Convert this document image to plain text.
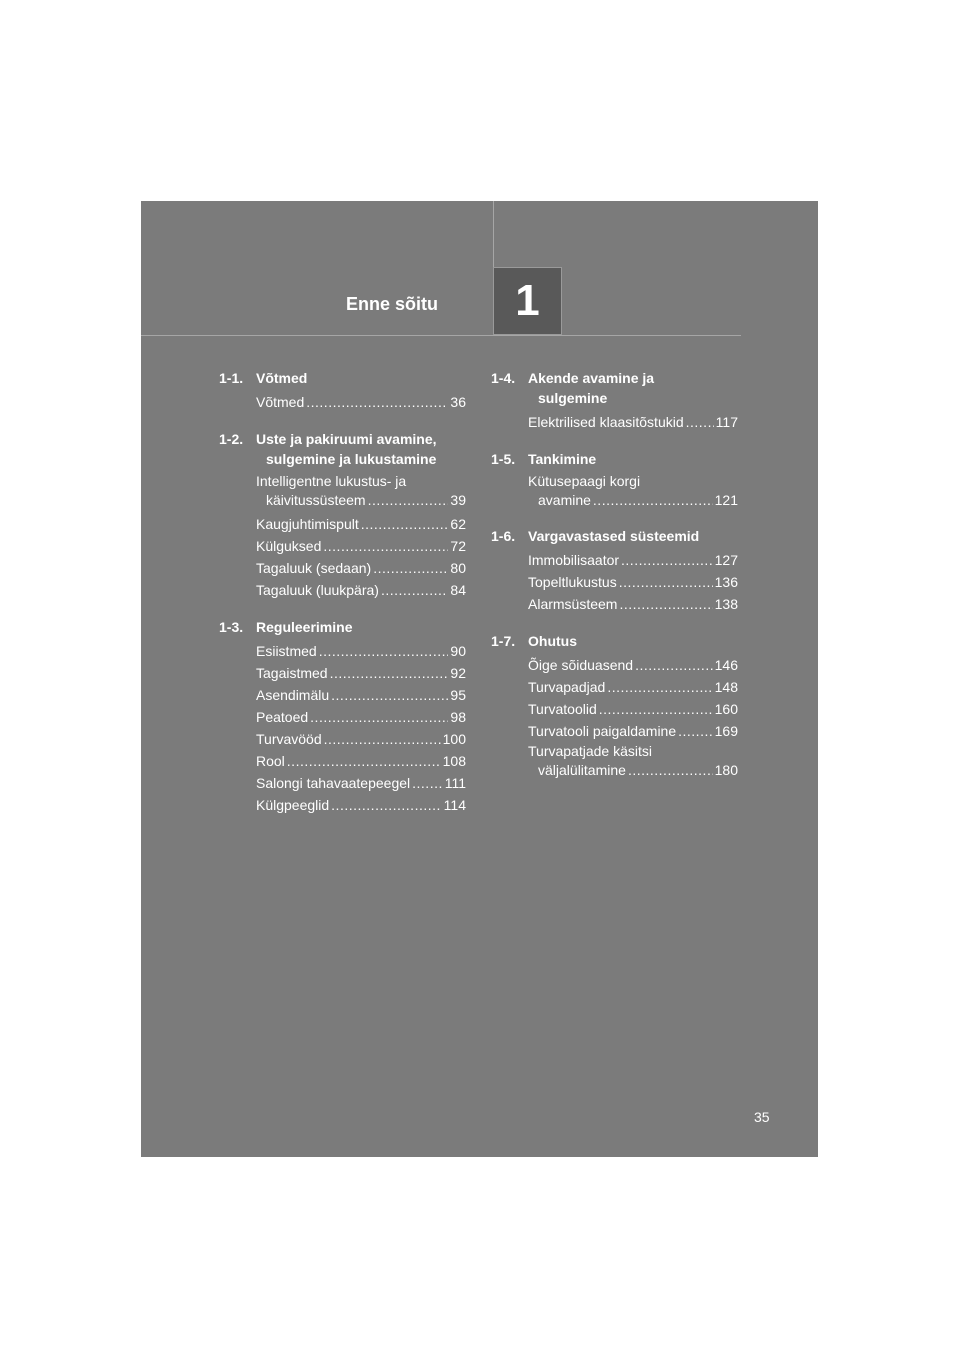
Enne sõitu 1
1-1. Võtmed
Võtmed .....	36
1-2. Uste ja pakiruumi avamine,
sulgemine ja lukustamine
Intelligentne lukustus- ja
käivitussüsteem .....	39
Kaugjuhtimispult .....	62
Külguksed .....	72
Tagaluuk (sedaan) .....	80
Tagaluuk (luukpära) .....	84
1-3. Reguleerimine
Esiistmed .....	90
Tagaistmed .....	92
Asendimälu .....	95
Peatoed .....	98
Turvavööd .....	100
Rool .....	108
Salongi tahavaatepeegel ..... 111
Külgpeeglid .....	114
1-4. Akende avamine ja
sulgemine
Elektrilised klaasitõstukid ..... 117
1-5. Tankimine
Kütusepaagi korgi
avamine .....	121
1-6. Vargavastased süsteemid
Immobilisaator .....	127
Topeltlukustus .....	136
Alarmsüsteem .....	138
1-7. Ohutus
Õige sõiduasend .....	146
Turvapadjad .....	148
Turvatoolid .....	160
Turvatooli paigaldamine .....	169
Turvapatjade käsitsi
väljalülitamine .....	180
35
